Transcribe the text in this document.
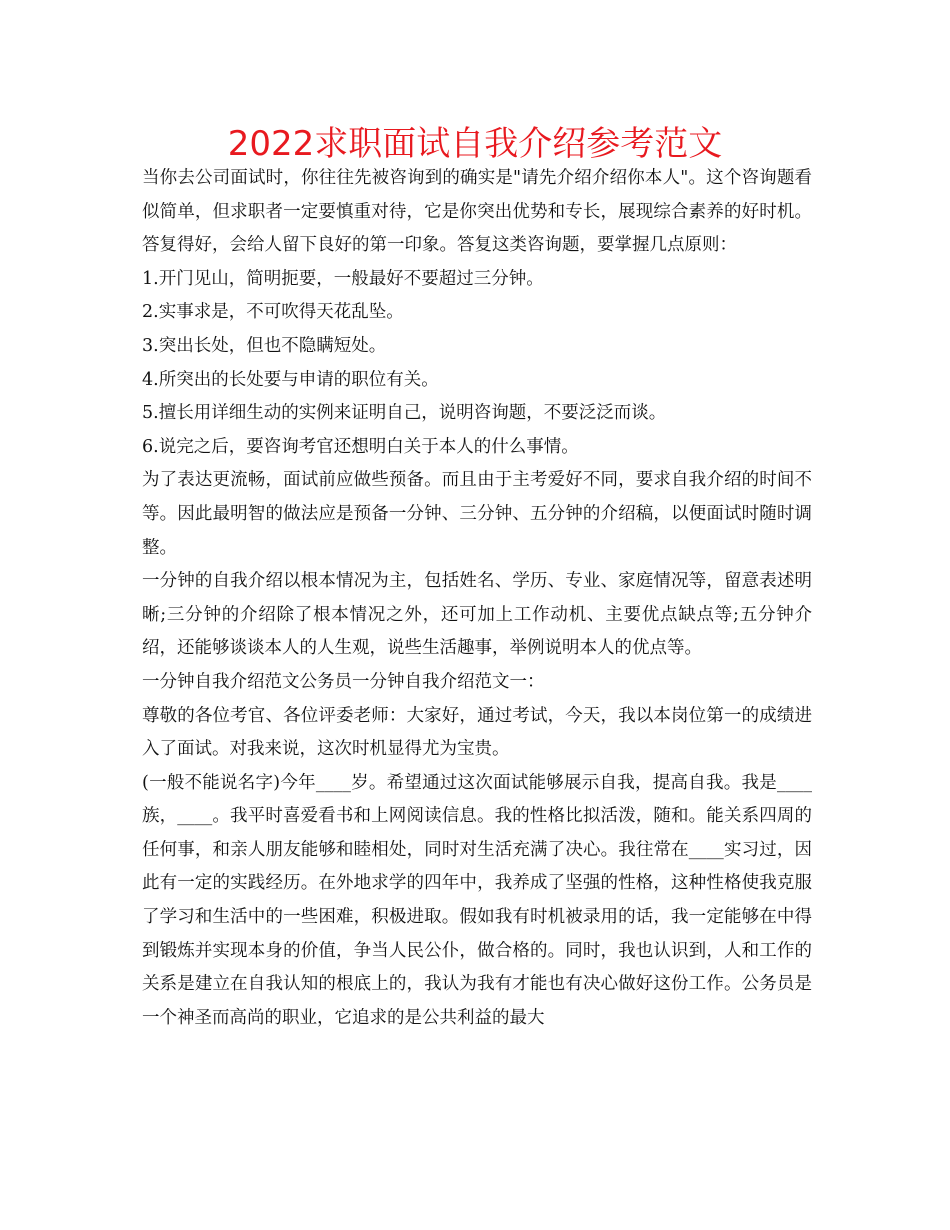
2022求职面试自我介绍参考范文

当你去公司面试时，你往往先被咨询到的确实是"请先介绍介绍你本人"。这个咨询题看似简单，但求职者一定要慎重对待，它是你突出优势和专长，展现综合素养的好时机。答复得好，会给人留下良好的第一印象。答复这类咨询题，要掌握几点原则：

1.开门见山，简明扼要，一般最好不要超过三分钟。

2.实事求是，不可吹得天花乱坠。

3.突出长处，但也不隐瞒短处。

4.所突出的长处要与申请的职位有关。

5.擅长用详细生动的实例来证明自己，说明咨询题，不要泛泛而谈。

6.说完之后，要咨询考官还想明白关于本人的什么事情。

为了表达更流畅，面试前应做些预备。而且由于主考爱好不同，要求自我介绍的时间不等。因此最明智的做法应是预备一分钟、三分钟、五分钟的介绍稿，以便面试时随时调整。

一分钟的自我介绍以根本情况为主，包括姓名、学历、专业、家庭情况等，留意表述明晰;三分钟的介绍除了根本情况之外，还可加上工作动机、主要优点缺点等;五分钟介绍，还能够谈谈本人的人生观，说些生活趣事，举例说明本人的优点等。

一分钟自我介绍范文公务员一分钟自我介绍范文一：

尊敬的各位考官、各位评委老师：大家好，通过考试，今天，我以本岗位第一的成绩进入了面试。对我来说，这次时机显得尤为宝贵。

(一般不能说名字)今年____岁。希望通过这次面试能够展示自我，提高自我。我是____族，____。我平时喜爱看书和上网阅读信息。我的性格比拟活泼，随和。能关系四周的任何事，和亲人朋友能够和睦相处，同时对生活充满了决心。我往常在____实习过，因此有一定的实践经历。在外地求学的四年中，我养成了坚强的性格，这种性格使我克服了学习和生活中的一些困难，积极进取。假如我有时机被录用的话，我一定能够在中得到锻炼并实现本身的价值，争当人民公仆，做合格的。同时，我也认识到，人和工作的关系是建立在自我认知的根底上的，我认为我有才能也有决心做好这份工作。公务员是一个神圣而高尚的职业，它追求的是公共利益的最大
